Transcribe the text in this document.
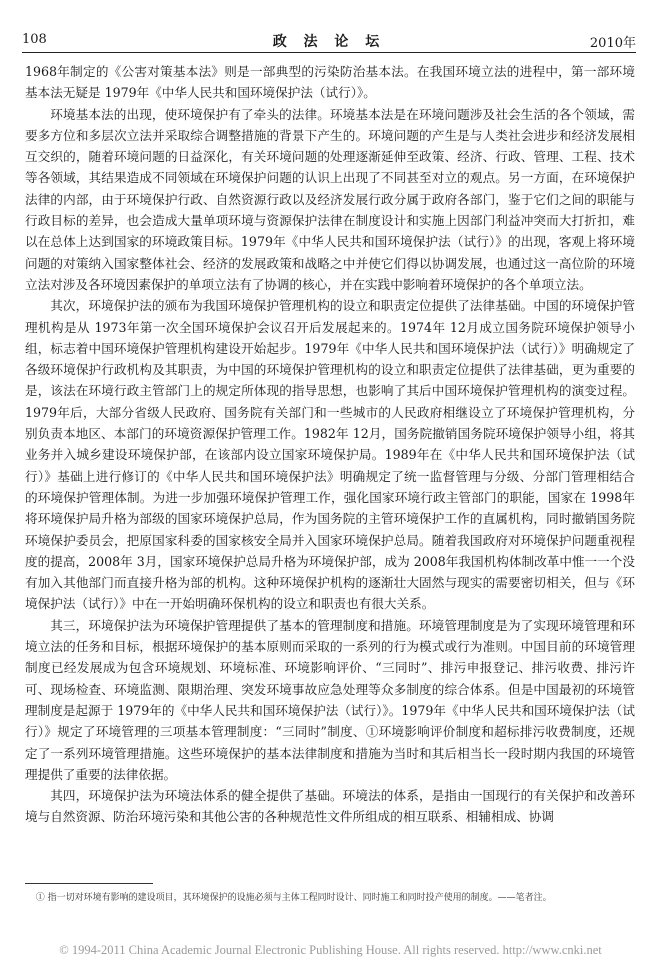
108	政 法 论 坛	2010年

1968年制定的《公害对策基本法》则是一部典型的污染防治基本法。在我国环境立法的进程中，第一部环境基本法无疑是 1979年《中华人民共和国环境保护法（试行）》。

环境基本法的出现，使环境保护有了牵头的法律。环境基本法是在环境问题涉及社会生活的各个领域，需要多方位和多层次立法并采取综合调整措施的背景下产生的。环境问题的产生是与人类社会进步和经济发展相互交织的，随着环境问题的日益深化，有关环境问题的处理逐渐延伸至政策、经济、行政、管理、工程、技术等各领域，其结果造成不同领域在环境保护问题的认识上出现了不同甚至对立的观点。另一方面，在环境保护法律的内部，由于环境保护行政、自然资源行政以及经济发展行政分属于政府各部门，鉴于它们之间的职能与行政目标的差异，也会造成大量单项环境与资源保护法律在制度设计和实施上因部门利益冲突而大打折扣，难以在总体上达到国家的环境政策目标。1979年《中华人民共和国环境保护法（试行）》的出现，客观上将环境问题的对策纳入国家整体社会、经济的发展政策和战略之中并使它们得以协调发展，也通过这一高位阶的环境立法对涉及各环境因素保护的单项立法有了协调的核心，并在实践中影响着环境保护的各个单项立法。

其次，环境保护法的颁布为我国环境保护管理机构的设立和职责定位提供了法律基础。中国的环境保护管理机构是从 1973年第一次全国环境保护会议召开后发展起来的。1974年 12月成立国务院环境保护领导小组，标志着中国环境保护管理机构建设开始起步。1979年《中华人民共和国环境保护法（试行）》明确规定了各级环境保护行政机构及其职责，为中国的环境保护管理机构的设立和职责定位提供了法律基础，更为重要的是，该法在环境行政主管部门上的规定所体现的指导思想，也影响了其后中国环境保护管理机构的演变过程。1979年后，大部分省级人民政府、国务院有关部门和一些城市的人民政府相继设立了环境保护管理机构，分别负责本地区、本部门的环境资源保护管理工作。1982年 12月，国务院撤销国务院环境保护领导小组，将其业务并入城乡建设环境保护部，在该部内设立国家环境保护局。1989年在《中华人民共和国环境保护法（试行）》基础上进行修订的《中华人民共和国环境保护法》明确规定了统一监督管理与分级、分部门管理相结合的环境保护管理体制。为进一步加强环境保护管理工作，强化国家环境行政主管部门的职能，国家在 1998年将环境保护局升格为部级的国家环境保护总局，作为国务院的主管环境保护工作的直属机构，同时撤销国务院环境保护委员会，把原国家科委的国家核安全局并入国家环境保护总局。随着我国政府对环境保护问题重视程度的提高，2008年 3月，国家环境保护总局升格为环境保护部，成为 2008年我国机构体制改革中惟一一个没有加入其他部门而直接升格为部的机构。这种环境保护机构的逐渐壮大固然与现实的需要密切相关，但与《环境保护法（试行）》中在一开始明确环保机构的设立和职责也有很大关系。

其三，环境保护法为环境保护管理提供了基本的管理制度和措施。环境管理制度是为了实现环境管理和环境立法的任务和目标，根据环境保护的基本原则而采取的一系列的行为模式或行为准则。中国目前的环境管理制度已经发展成为包含环境规划、环境标准、环境影响评价、“三同时”、排污申报登记、排污收费、排污许可、现场检查、环境监测、限期治理、突发环境事故应急处理等众多制度的综合体系。但是中国最初的环境管理制度是起源于 1979年的《中华人民共和国环境保护法（试行）》。1979年《中华人民共和国环境保护法（试行）》规定了环境管理的三项基本管理制度：“三同时”制度、①环境影响评价制度和超标排污收费制度，还规定了一系列环境管理措施。这些环境保护的基本法律制度和措施为当时和其后相当长一段时期内我国的环境管理提供了重要的法律依据。

其四，环境保护法为环境法体系的健全提供了基础。环境法的体系，是指由一国现行的有关保护和改善环境与自然资源、防治环境污染和其他公害的各种规范性文件所组成的相互联系、相辅相成、协调

① 指一切对环境有影响的建设项目，其环境保护的设施必须与主体工程同时设计、同时施工和同时投产使用的制度。——笔者注。
© 1994-2011 China Academic Journal Electronic Publishing House. All rights reserved. http://www.cnki.net
